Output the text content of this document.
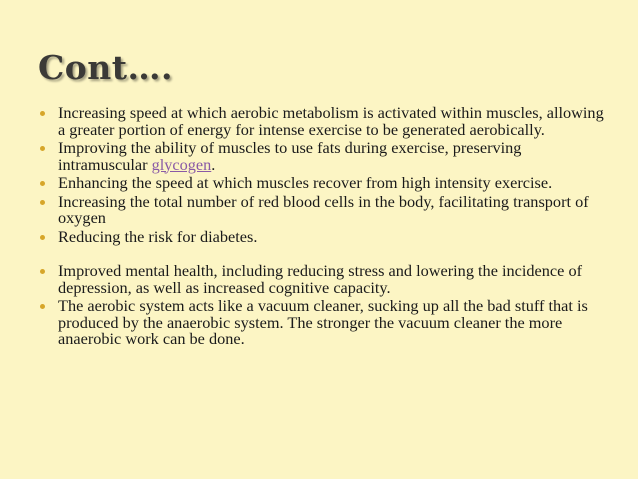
Cont….
Increasing speed at which aerobic metabolism is activated within muscles, allowing a greater portion of energy for intense exercise to be generated aerobically.
Improving the ability of muscles to use fats during exercise, preserving intramuscular glycogen.
Enhancing the speed at which muscles recover from high intensity exercise.
Increasing the total number of red blood cells in the body, facilitating transport of oxygen
Reducing the risk for diabetes.
Improved mental health, including reducing stress and lowering the incidence of depression, as well as increased cognitive capacity.
The aerobic system acts like a vacuum cleaner, sucking up all the bad stuff that is produced by the anaerobic system. The stronger the vacuum cleaner the more anaerobic work can be done.
